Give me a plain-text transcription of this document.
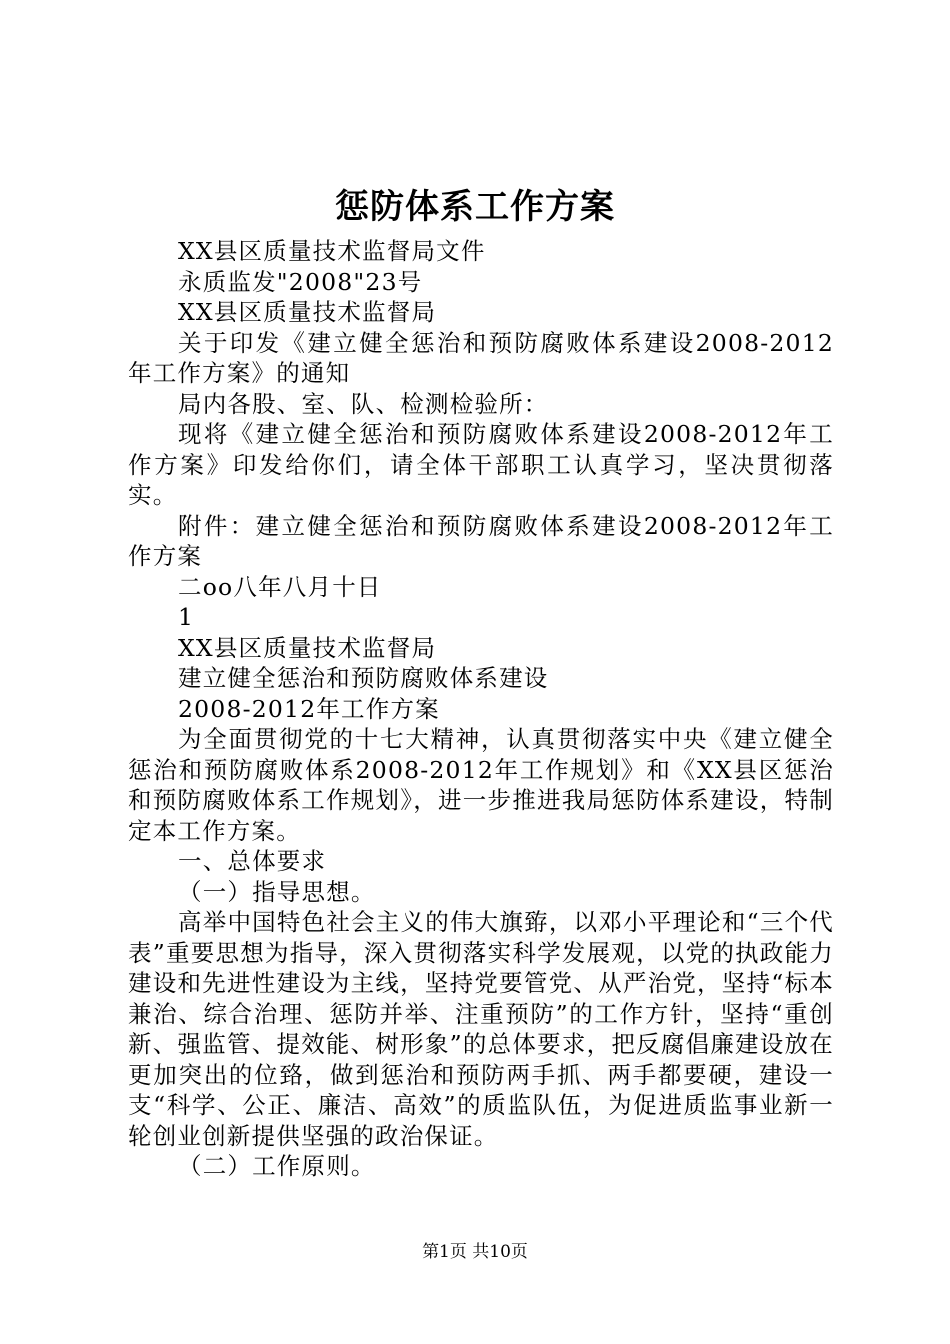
惩防体系工作方案

XX县区质量技术监督局文件

永质监发"2008"23号

XX县区质量技术监督局

关于印发《建立健全惩治和预防腐败体系建设2008-2012年工作方案》的通知

局内各股、室、队、检测检验所：

现将《建立健全惩治和预防腐败体系建设2008-2012年工作方案》印发给你们，请全体干部职工认真学习，坚决贯彻落实。

附件：建立健全惩治和预防腐败体系建设2008-2012年工作方案

二oo八年八月十日

1

XX县区质量技术监督局

建立健全惩治和预防腐败体系建设

2008-2012年工作方案

为全面贯彻党的十七大精神，认真贯彻落实中央《建立健全惩治和预防腐败体系2008-2012年工作规划》和《XX县区惩治和预防腐败体系工作规划》，进一步推进我局惩防体系建设，特制定本工作方案。

一、总体要求

（一）指导思想。

高举中国特色社会主义的伟大旗臶，以邓小平理论和“三个代表”重要思想为指导，深入贯彻落实科学发展观，以党的执政能力建设和先进性建设为主线，坚持党要管党、从严治党，坚持“标本兼治、综合治理、惩防并举、注重预防”的工作方针，坚持“重创新、强监管、提效能、树形象”的总体要求，把反腐倡廉建设放在更加突出的位臵，做到惩治和预防两手抓、两手都要硬，建设一支“科学、公正、廉洁、高效”的质监队伍，为促进质监事业新一轮创业创新提供坚强的政治保证。

（二）工作原则。

第1页 共10页
